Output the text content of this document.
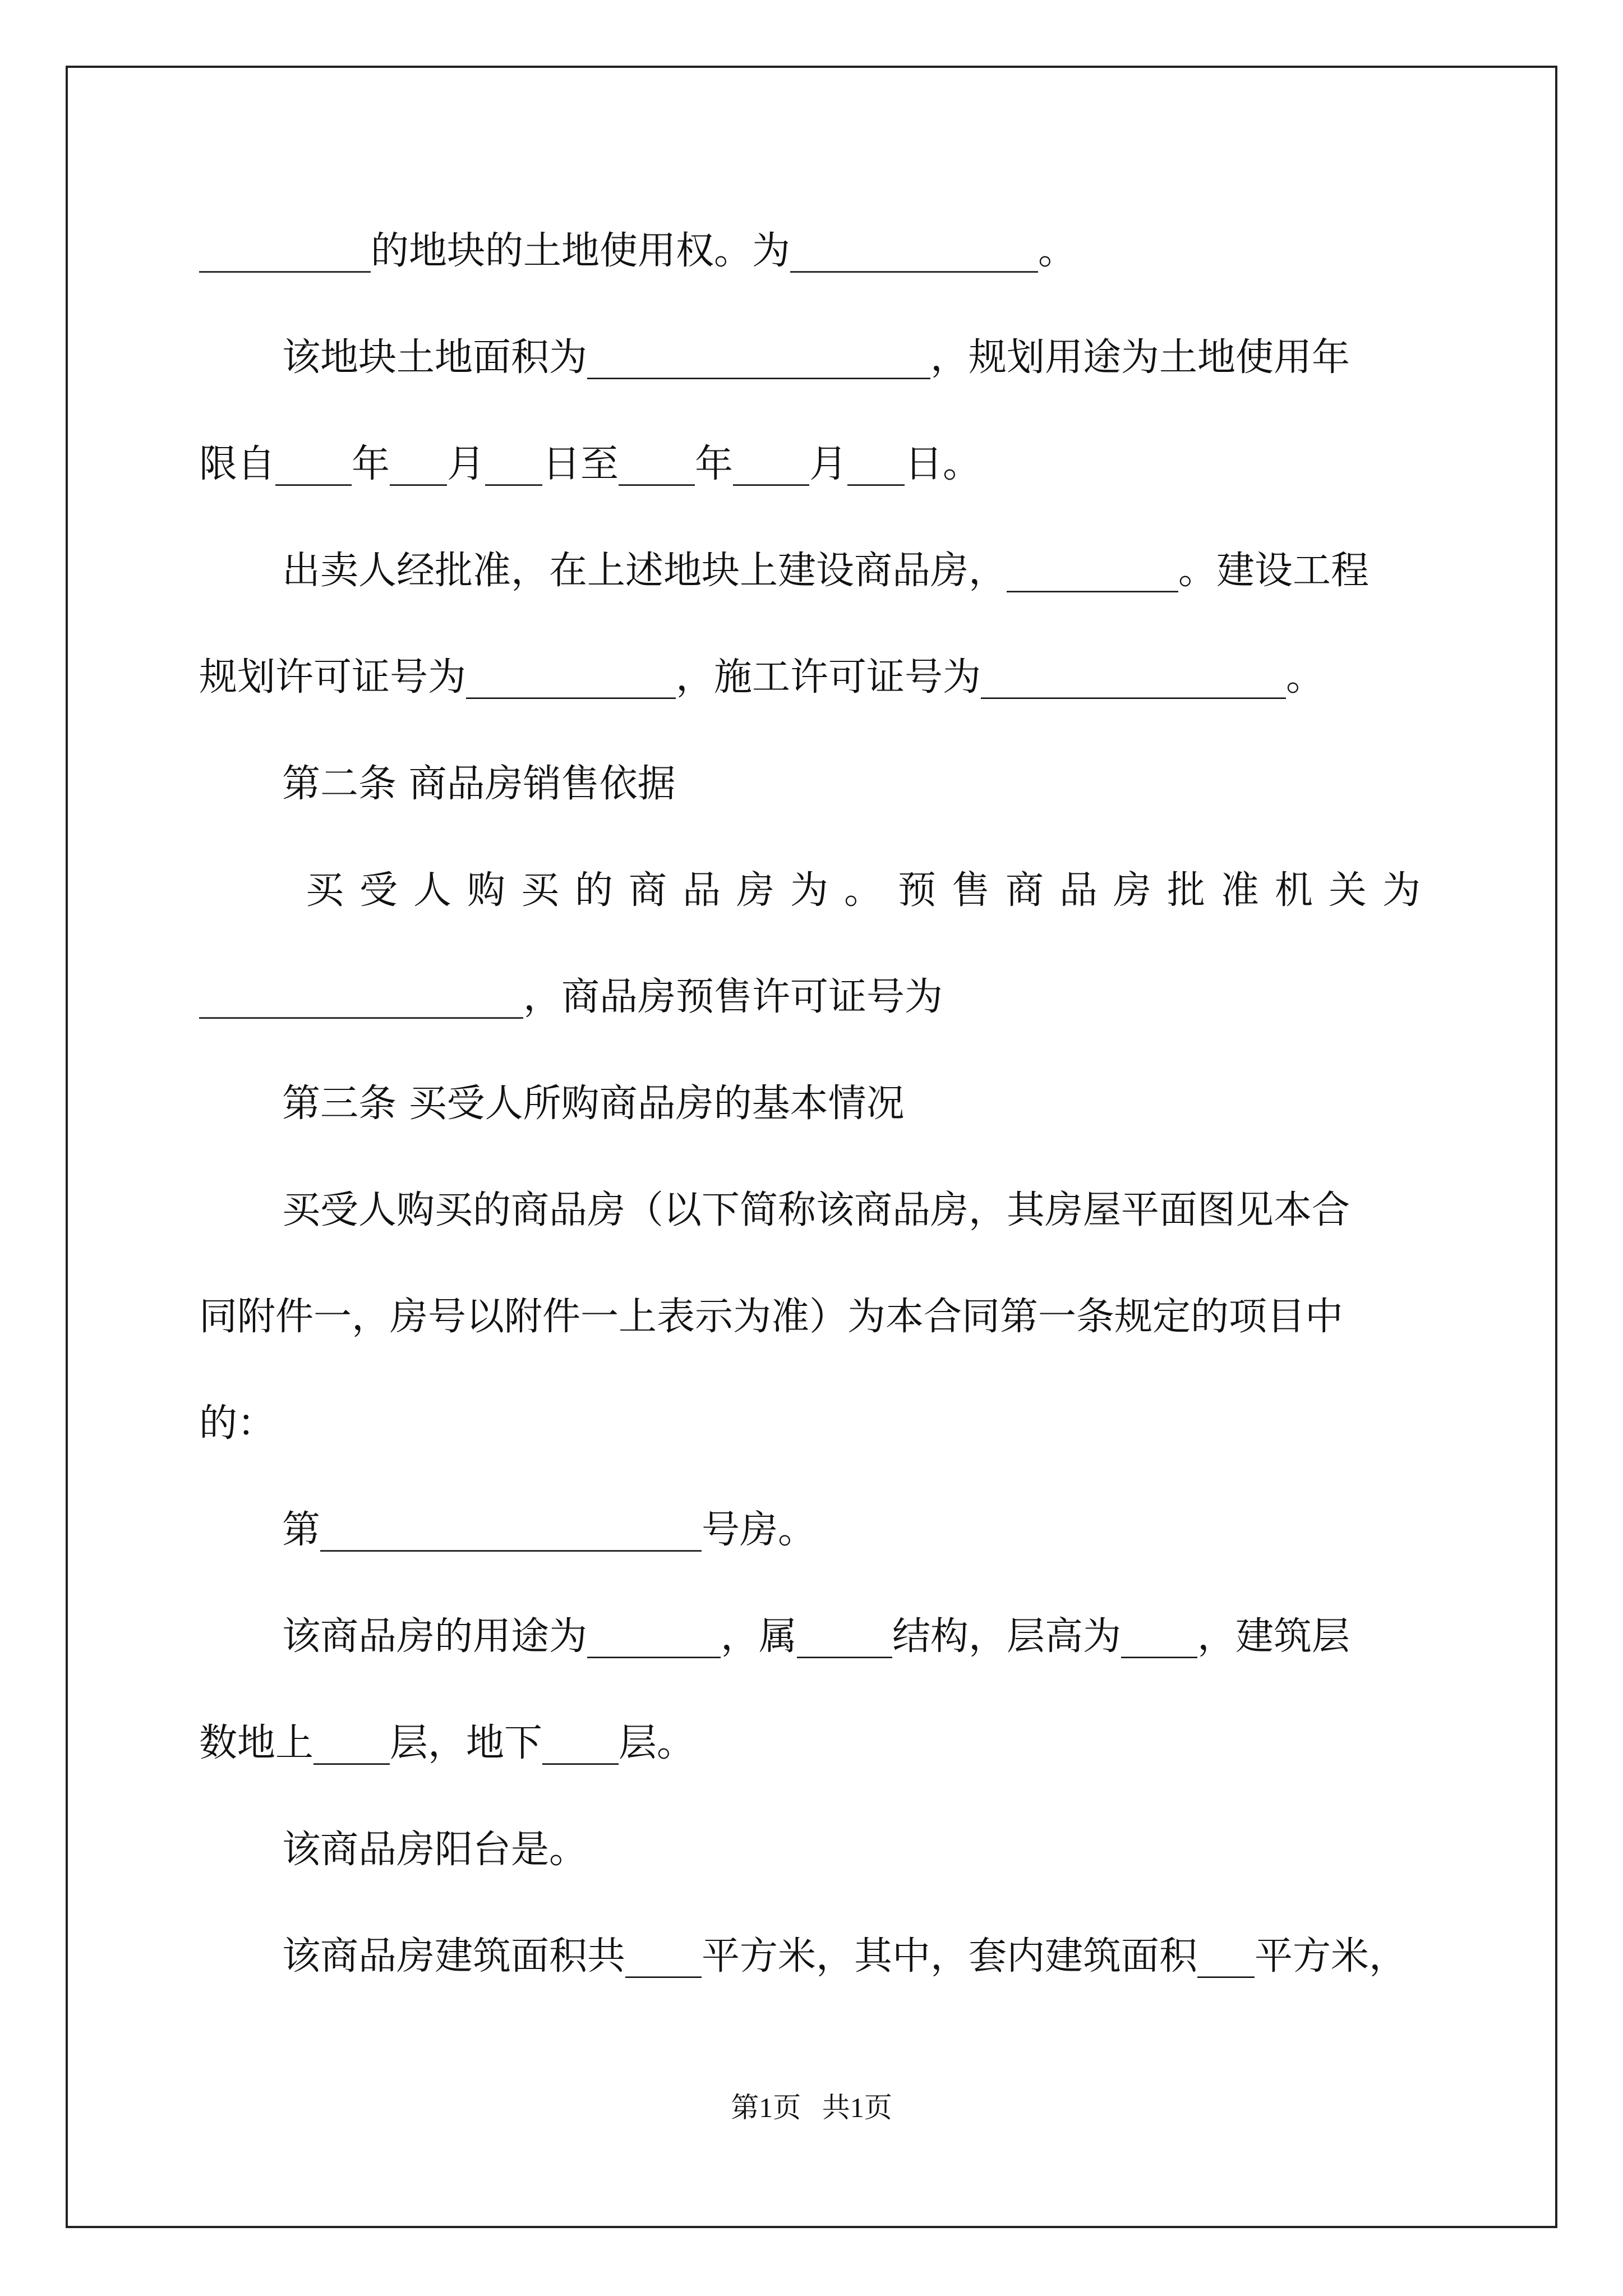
_________的地块的土地使用权。为_____________。
该地块土地面积为__________________，规划用途为土地使用年
限自____年___月___日至____年____月___日。
出卖人经批准，在上述地块上建设商品房，_________。建设工程
规划许可证号为___________，施工许可证号为________________。
第二条 商品房销售依据
买受人购买的商品房为。预售商品房批准机关为
_________________，商品房预售许可证号为
第三条 买受人所购商品房的基本情况
买受人购买的商品房（以下简称该商品房，其房屋平面图见本合
同附件一，房号以附件一上表示为准）为本合同第一条规定的项目中
的：
第____________________号房。
该商品房的用途为_______，属_____结构，层高为____，建筑层
数地上____层，地下____层。
该商品房阳台是。
该商品房建筑面积共____平方米，其中，套内建筑面积___平方米，
第1页   共1页
